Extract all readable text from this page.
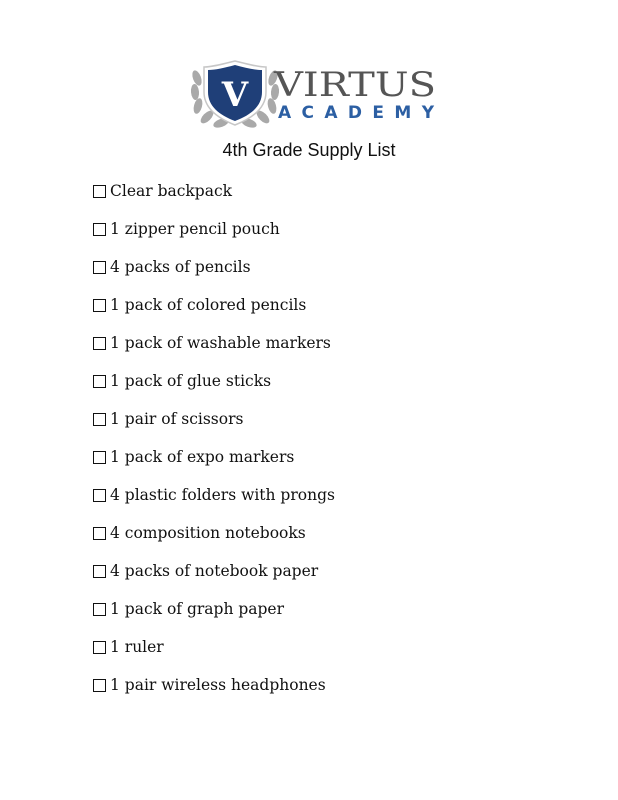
V VIRTUS
ACADEMY
4th Grade Supply List
Clear backpack
1 zipper pencil pouch
4 packs of pencils
1 pack of colored pencils
1 pack of washable markers
1 pack of glue sticks
1 pair of scissors
1 pack of expo markers
4 plastic folders with prongs
4 composition notebooks
4 packs of notebook paper
1 pack of graph paper
1 ruler
1 pair wireless headphones
